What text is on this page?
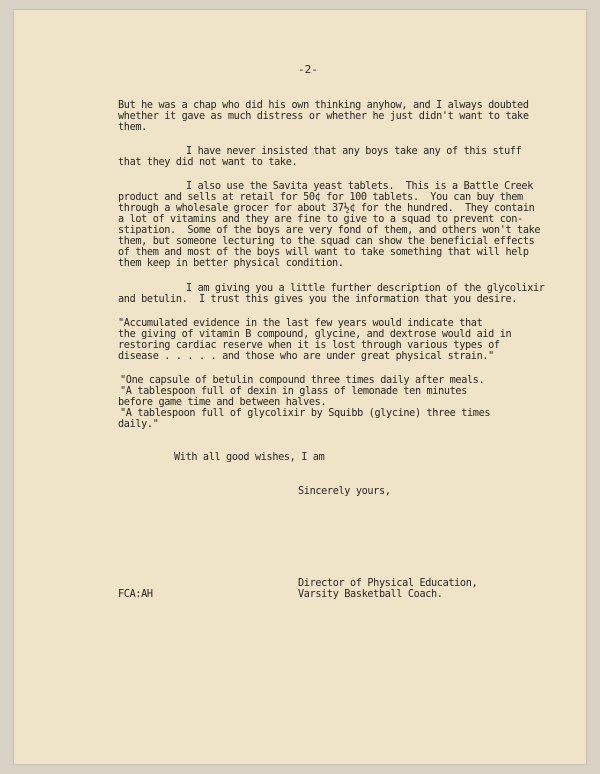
-2-
But he was a chap who did his own thinking anyhow, and I always doubted
whether it gave as much distress or whether he just didn't want to take
them.
I have never insisted that any boys take any of this stuff
that they did not want to take.
I also use the Savita yeast tablets.  This is a Battle Creek
product and sells at retail for 50¢ for 100 tablets.  You can buy them
through a wholesale grocer for about 37½¢ for the hundred.  They contain
a lot of vitamins and they are fine to give to a squad to prevent con-
stipation.  Some of the boys are very fond of them, and others won't take
them, but someone lecturing to the squad can show the beneficial effects
of them and most of the boys will want to take something that will help
them keep in better physical condition.
I am giving you a little further description of the glycolixir
and betulin.  I trust this gives you the information that you desire.
"Accumulated evidence in the last few years would indicate that
the giving of vitamin B compound, glycine, and dextrose would aid in
restoring cardiac reserve when it is lost through various types of
disease . . . . . and those who are under great physical strain."
"One capsule of betulin compound three times daily after meals.
"A tablespoon full of dexin in glass of lemonade ten minutes
before game time and between halves.
"A tablespoon full of glycolixir by Squibb (glycine) three times
daily."
With all good wishes, I am
Sincerely yours,
Director of Physical Education,
Varsity Basketball Coach.
FCA:AH
